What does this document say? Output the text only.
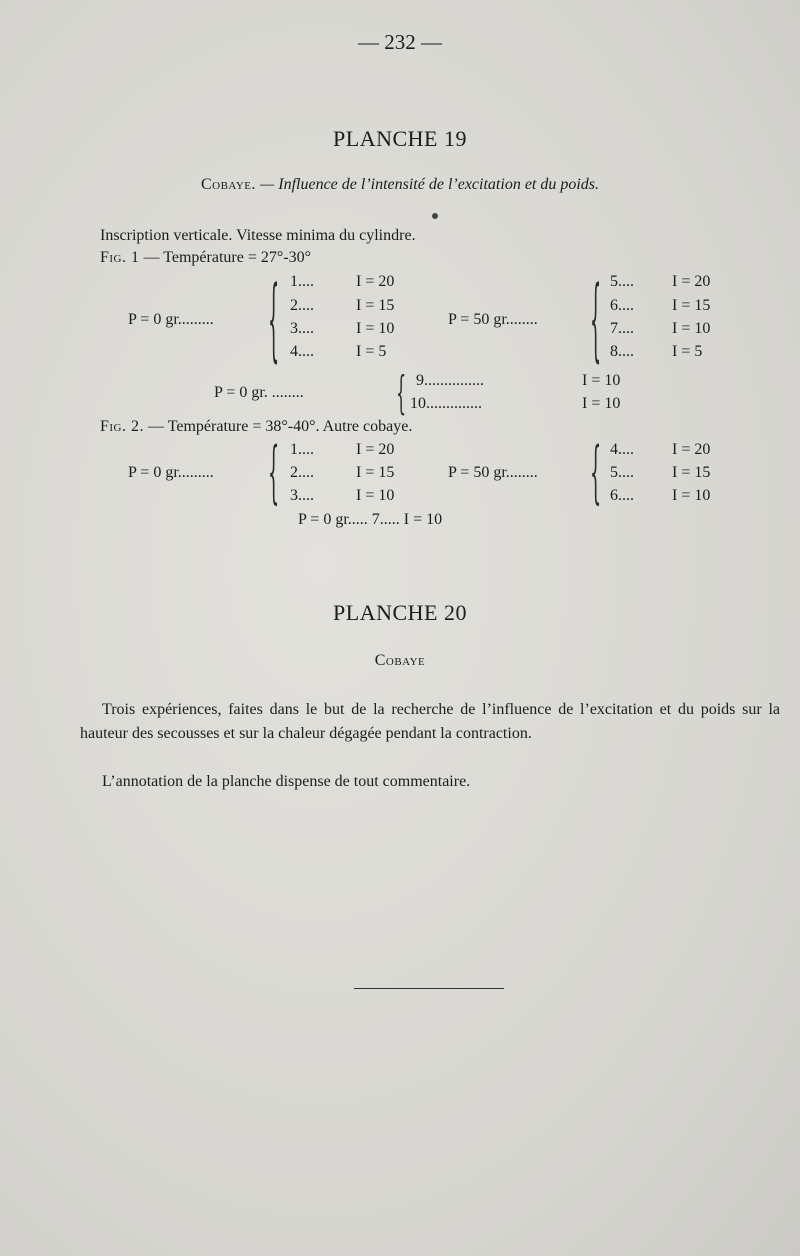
— 232 —
PLANCHE 19
Cobaye. — Influence de l’intensité de l’excitation et du poids.
Inscription verticale. Vitesse minima du cylindre.
Fig. 1 — Température = 27°-30°
P = 0 gr.........	{ 1....	I = 20
2....	I = 15
3....	I = 10
4....	I = 5
P = 50 gr........	{ 5.... I = 20
6.... I = 15
7.... I = 10
8.... I = 5
P = 0 gr. ........	{ 9...............	I = 10
10..............	I = 10
Fig. 2. — Température = 38°-40°. Autre cobaye.
P = 0 gr.........	{ 1....	I = 20
2....	I = 15
3....	I = 10
P = 50 gr........	{ 4.... I = 20
5.... I = 15
6.... I = 10
P = 0 gr..... 7..... I = 10
PLANCHE 20
Cobaye
Trois expériences, faites dans le but de la recherche de l’influence de l’excitation et du poids sur la hauteur des secousses et sur la chaleur dégagée pendant la contraction.
L’annotation de la planche dispense de tout commentaire.
